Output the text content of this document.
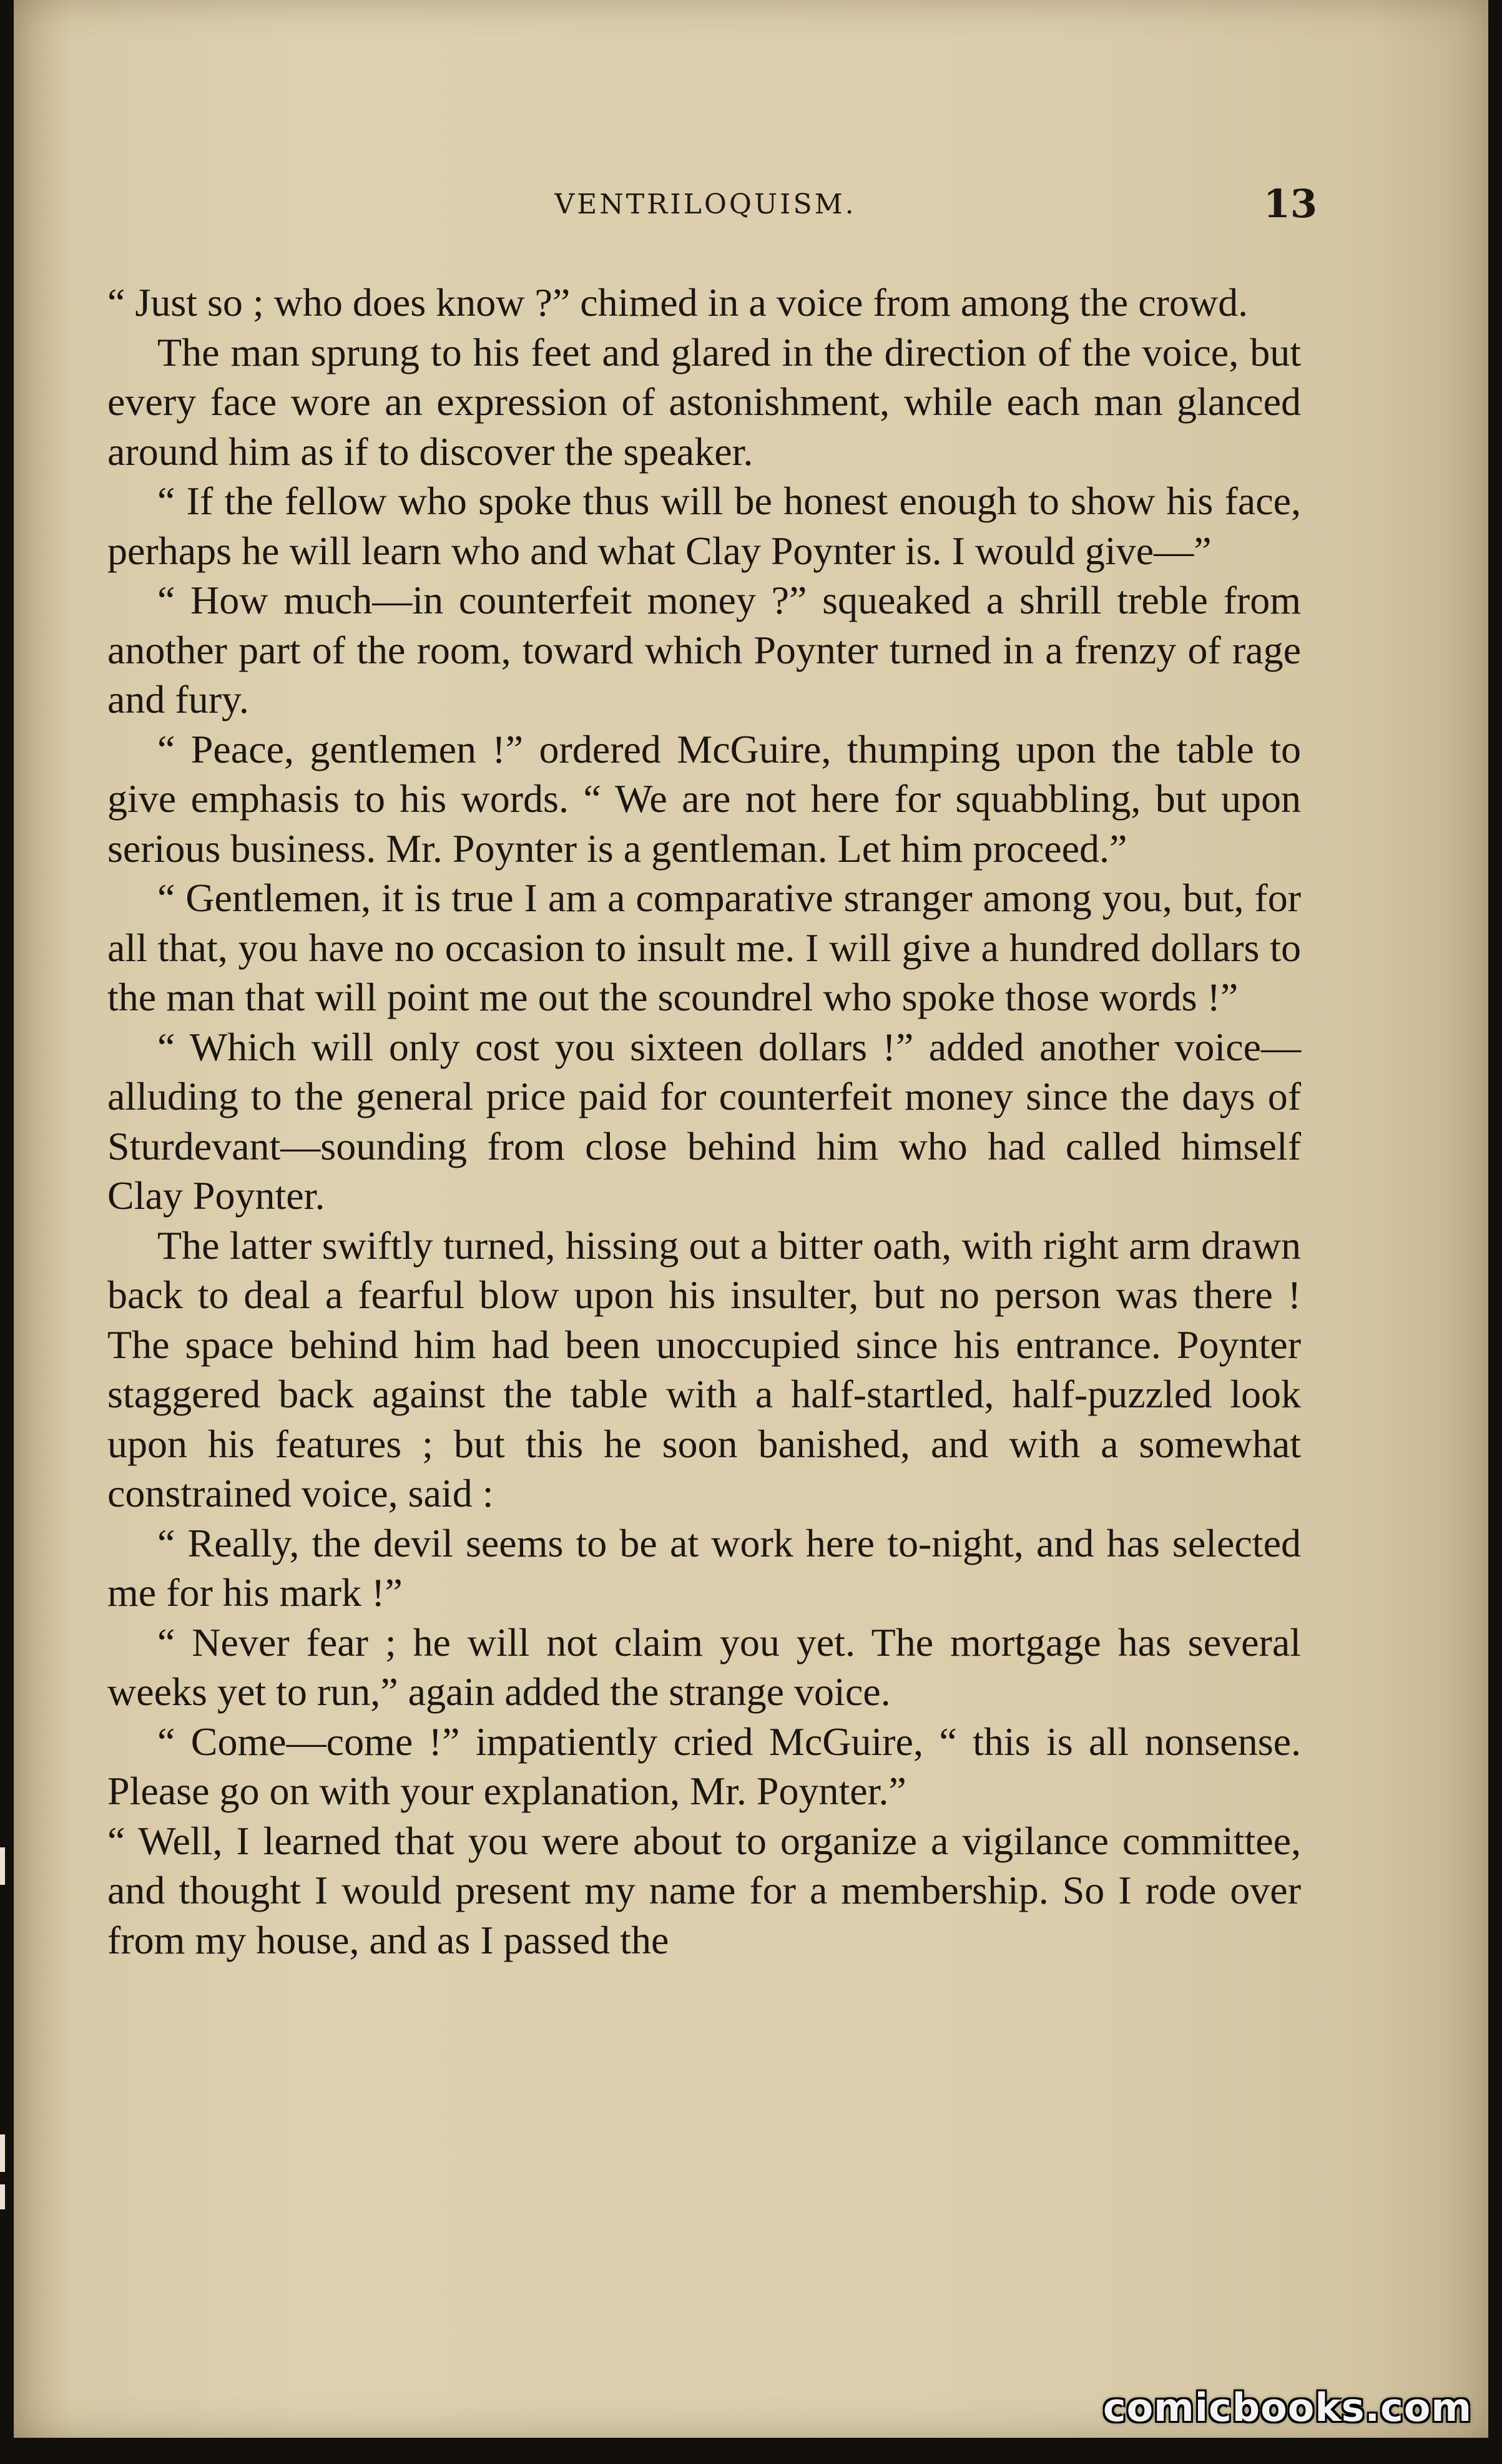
VENTRILOQUISM.	13

“ Just so ; who does know ?” chimed in a voice from among the crowd.

The man sprung to his feet and glared in the direction of the voice, but every face wore an expression of astonishment, while each man glanced around him as if to discover the speaker.

“ If the fellow who spoke thus will be honest enough to show his face, perhaps he will learn who and what Clay Poynter is. I would give—”

“ How much—in counterfeit money ?” squeaked a shrill treble from another part of the room, toward which Poynter turned in a frenzy of rage and fury.

“ Peace, gentlemen !” ordered McGuire, thumping upon the table to give emphasis to his words. “ We are not here for squabbling, but upon serious business. Mr. Poynter is a gentleman. Let him proceed.”

“ Gentlemen, it is true I am a comparative stranger among you, but, for all that, you have no occasion to insult me. I will give a hundred dollars to the man that will point me out the scoundrel who spoke those words !”

“ Which will only cost you sixteen dollars !” added another voice—alluding to the general price paid for counterfeit money since the days of Sturdevant—sounding from close behind him who had called himself Clay Poynter.

The latter swiftly turned, hissing out a bitter oath, with right arm drawn back to deal a fearful blow upon his insulter, but no person was there ! The space behind him had been unoccupied since his entrance. Poynter staggered back against the table with a half-startled, half-puzzled look upon his features ; but this he soon banished, and with a somewhat constrained voice, said :

“ Really, the devil seems to be at work here to-night, and has selected me for his mark !”

“ Never fear ; he will not claim you yet. The mortgage has several weeks yet to run,” again added the strange voice.

“ Come—come !” impatiently cried McGuire, “ this is all nonsense. Please go on with your explanation, Mr. Poynter.”

“ Well, I learned that you were about to organize a vigilance committee, and thought I would present my name for a membership. So I rode over from my house, and as I passed the

comicbooks.com
